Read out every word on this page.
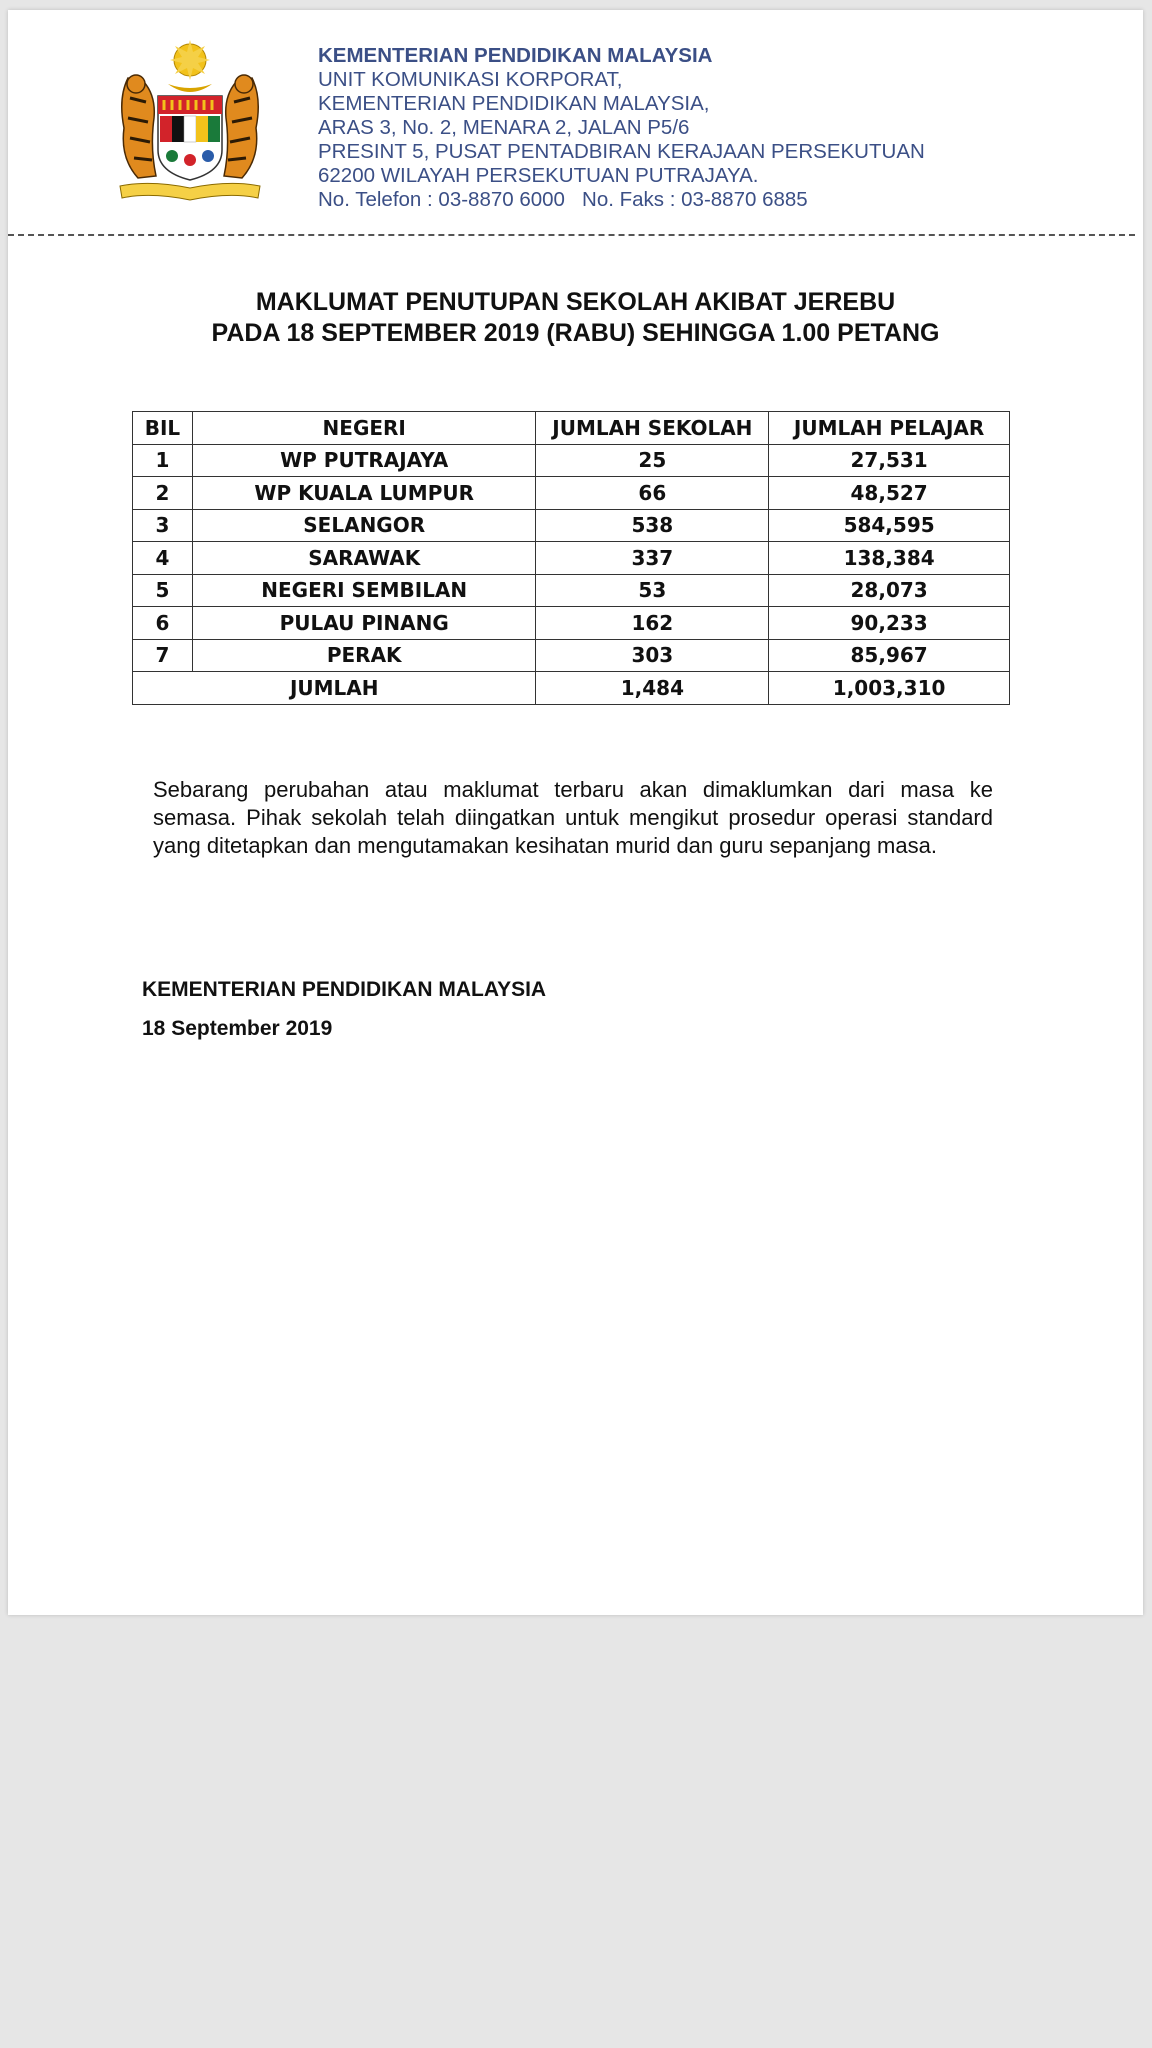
KEMENTERIAN PENDIDIKAN MALAYSIA
UNIT KOMUNIKASI KORPORAT,
KEMENTERIAN PENDIDIKAN MALAYSIA,
ARAS 3, No. 2, MENARA 2, JALAN P5/6
PRESINT 5, PUSAT PENTADBIRAN KERAJAAN PERSEKUTUAN
62200 WILAYAH PERSEKUTUAN PUTRAJAYA.
No. Telefon : 03-8870 6000   No. Faks : 03-8870 6885
MAKLUMAT PENUTUPAN SEKOLAH AKIBAT JEREBU
PADA 18 SEPTEMBER 2019 (RABU) SEHINGGA 1.00 PETANG
BIL	NEGERI	JUMLAH SEKOLAH	JUMLAH PELAJAR
1	WP PUTRAJAYA	25	27,531
2	WP KUALA LUMPUR	66	48,527
3	SELANGOR	538	584,595
4	SARAWAK	337	138,384
5	NEGERI SEMBILAN	53	28,073
6	PULAU PINANG	162	90,233
7	PERAK	303	85,967
JUMLAH		1,484	1,003,310
Sebarang perubahan atau maklumat terbaru akan dimaklumkan dari masa ke semasa. Pihak sekolah telah diingatkan untuk mengikut prosedur operasi standard yang ditetapkan dan mengutamakan kesihatan murid dan guru sepanjang masa.
KEMENTERIAN PENDIDIKAN MALAYSIA
18 September 2019
